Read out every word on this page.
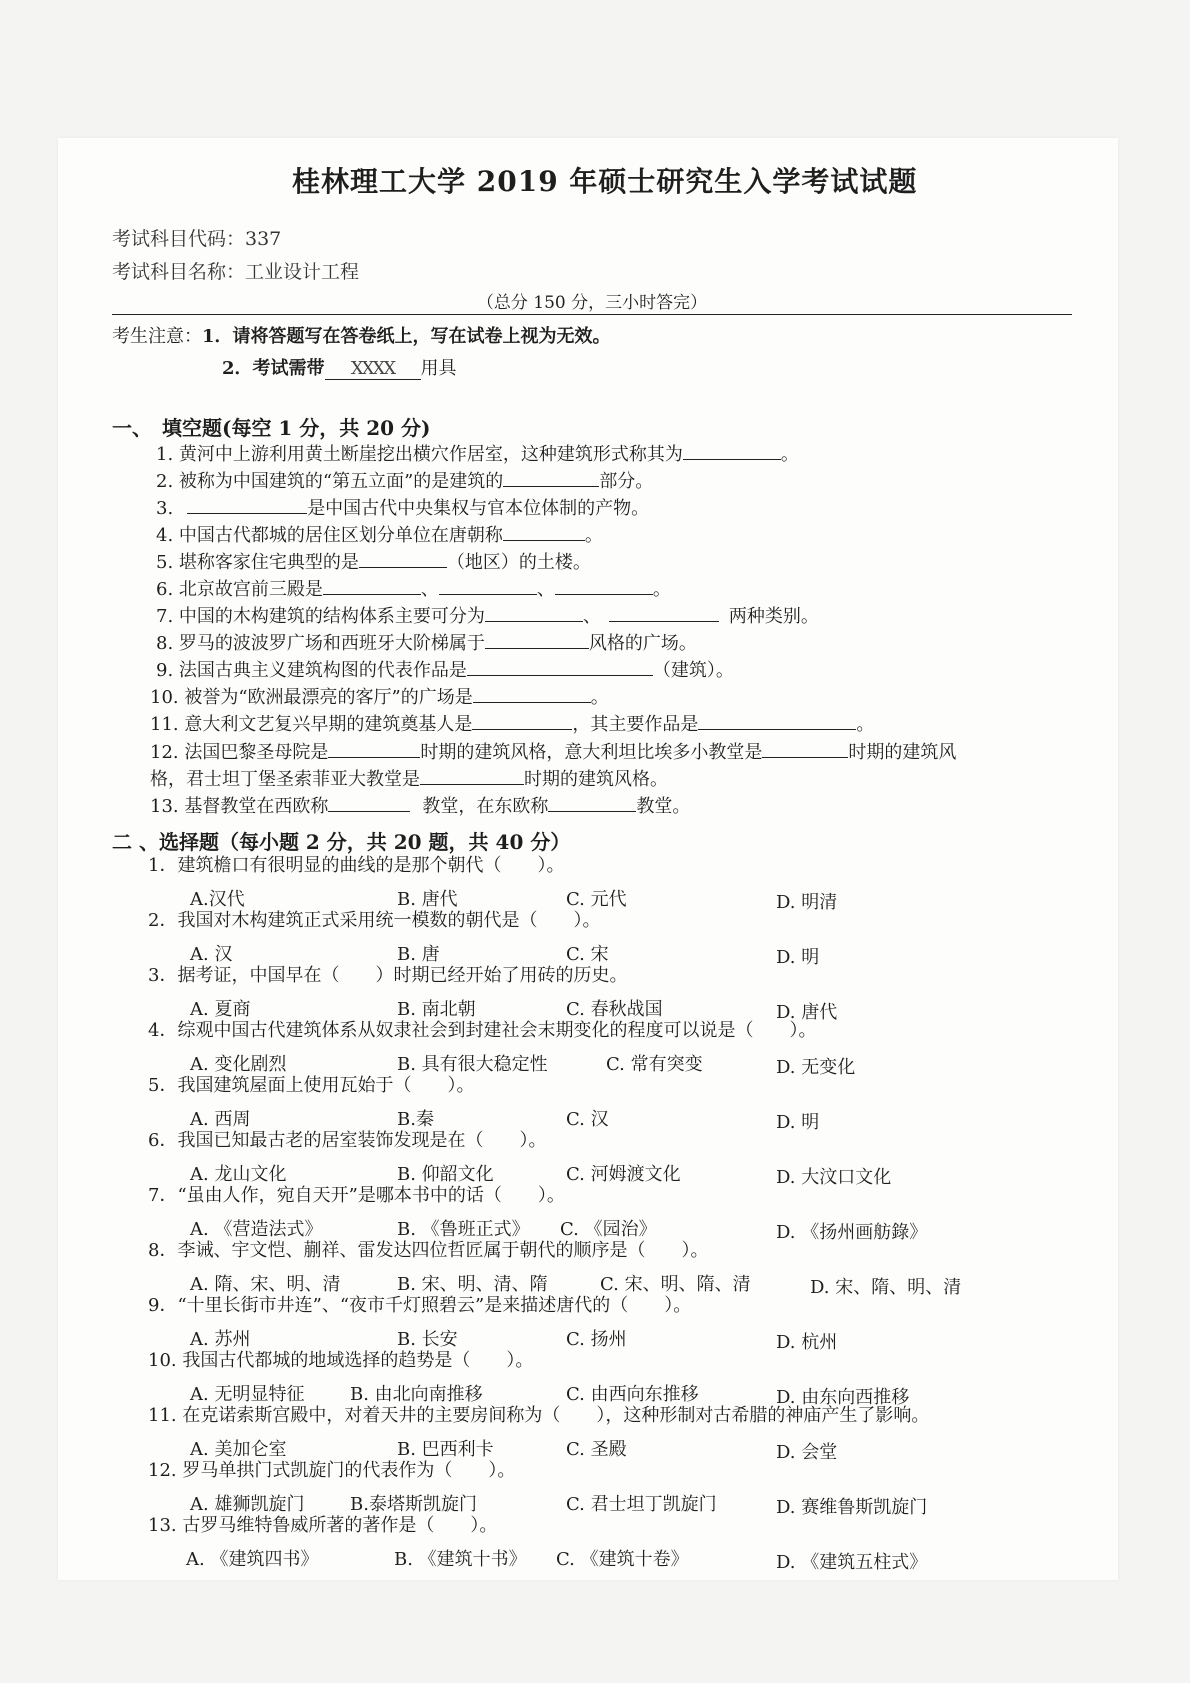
桂林理工大学 2019 年硕士研究生入学考试试题
考试科目代码：337
考试科目名称：工业设计工程
（总分 150 分，三小时答完）
考生注意：1．请将答题写在答卷纸上，写在试卷上视为无效。
2．考试需带 XXXX 用具
一、　填空题(每空 1 分，共 20 分)
1. 黄河中上游利用黄土断崖挖出横穴作居室，这种建筑形式称其为	。
2. 被称为中国建筑的“第五立面”的是建筑的	部分。
3.	是中国古代中央集权与官本位体制的产物。
4. 中国古代都城的居住区划分单位在唐朝称	。
5. 堪称客家住宅典型的是	（地区）的土楼。
6. 北京故宫前三殿是	、	、	。
7. 中国的木构建筑的结构体系主要可分为	、	两种类别。
8. 罗马的波波罗广场和西班牙大阶梯属于	风格的广场。
9. 法国古典主义建筑构图的代表作品是	（建筑）。
10. 被誉为“欧洲最漂亮的客厅”的广场是	。
11. 意大利文艺复兴早期的建筑奠基人是	，其主要作品是	。
12. 法国巴黎圣母院是	时期的建筑风格，意大利坦比埃多小教堂是	时期的建筑风
格，君士坦丁堡圣索菲亚大教堂是	时期的建筑风格。
13. 基督教堂在西欧称	教堂，在东欧称	教堂。
二 、选择题（每小题 2 分，共 20 题，共 40 分）
1．建筑檐口有很明显的曲线的是那个朝代（　　）。
A.汉代	B. 唐代	C. 元代	D. 明清
2．我国对木构建筑正式采用统一模数的朝代是（　　）。
A. 汉	B. 唐	C. 宋	D. 明
3．据考证，中国早在（　　）时期已经开始了用砖的历史。
A. 夏商	B. 南北朝	C. 春秋战国	D. 唐代
4．综观中国古代建筑体系从奴隶社会到封建社会末期变化的程度可以说是（　　）。
A. 变化剧烈	B. 具有很大稳定性	C. 常有突变	D. 无变化
5．我国建筑屋面上使用瓦始于（　　）。
A. 西周	B.秦	C. 汉	D. 明
6．我国已知最古老的居室装饰发现是在（　　）。
A. 龙山文化	B. 仰韶文化	C. 河姆渡文化	D. 大汶口文化
7．“虽由人作，宛自天开”是哪本书中的话（　　）。
A. 《营造法式》	B. 《鲁班正式》 C. 《园治》	D. 《扬州画舫錄》
8．李诫、宇文恺、蒯祥、雷发达四位哲匠属于朝代的顺序是（　　）。
A. 隋、宋、明、清	B. 宋、明、清、隋	C. 宋、明、隋、清	D. 宋、隋、明、清
9．“十里长街市井连”、“夜市千灯照碧云”是来描述唐代的（　　）。
A. 苏州	B. 长安	C. 扬州	D. 杭州
10. 我国古代都城的地域选择的趋势是（　　）。
A. 无明显特征	B. 由北向南推移	C. 由西向东推移	D. 由东向西推移
11. 在克诺索斯宫殿中，对着天井的主要房间称为（　　），这种形制对古希腊的神庙产生了影响。
A. 美加仑室	B. 巴西利卡	C. 圣殿	D. 会堂
12. 罗马单拱门式凯旋门的代表作为（　　）。
A. 雄狮凯旋门	B.泰塔斯凯旋门	C. 君士坦丁凯旋门	D. 赛维鲁斯凯旋门
13. 古罗马维特鲁威所著的著作是（　　）。
A. 《建筑四书》	B. 《建筑十书》 C. 《建筑十卷》	D. 《建筑五柱式》
